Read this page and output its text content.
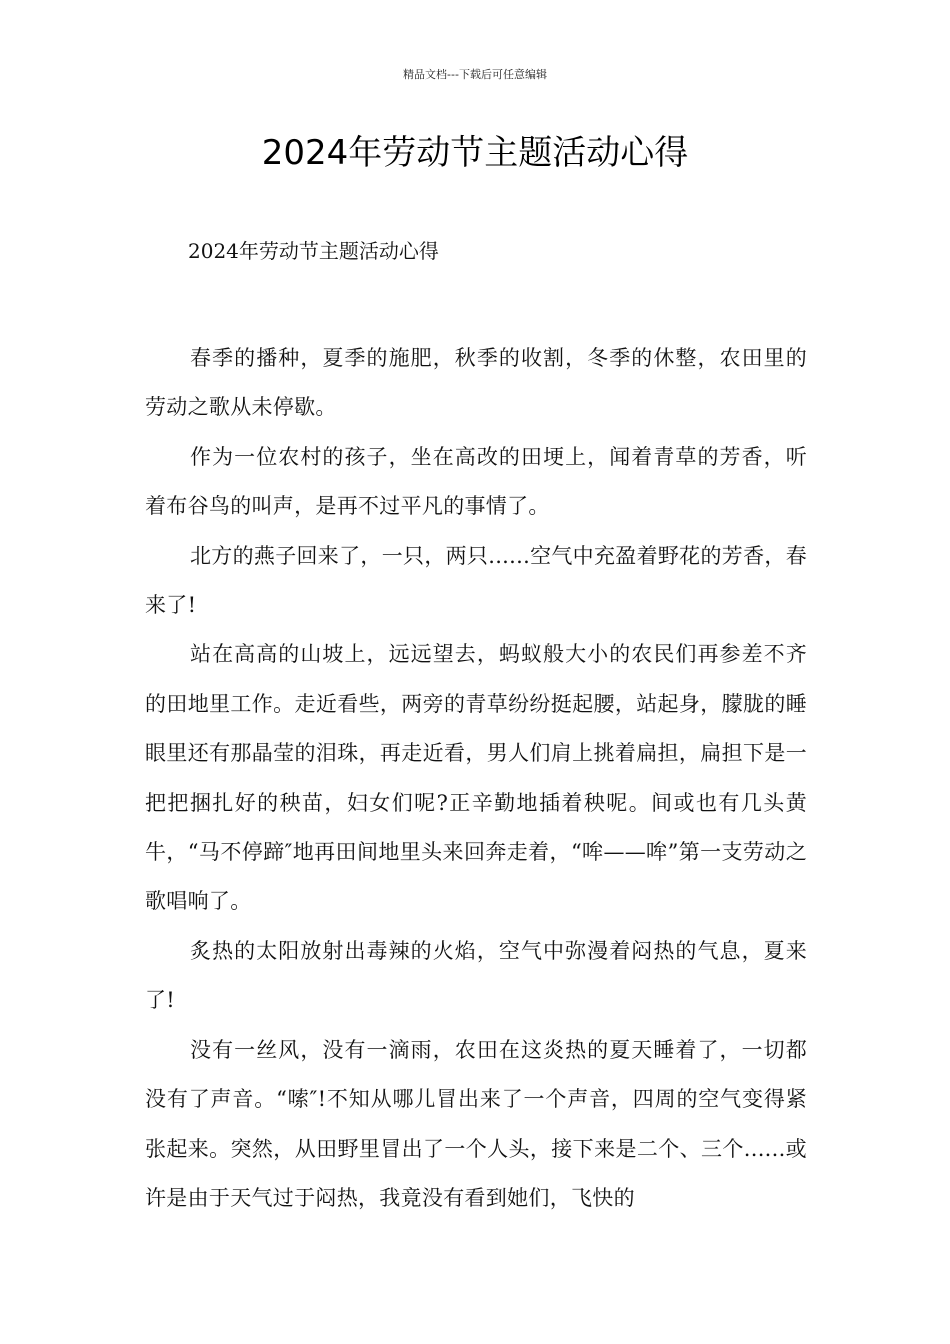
精品文档---下载后可任意编辑
2024年劳动节主题活动心得

2024年劳动节主题活动心得

春季的播种，夏季的施肥，秋季的收割，冬季的休整，农田里的劳动之歌从未停歇。

作为一位农村的孩子，坐在高改的田埂上，闻着青草的芳香，听着布谷鸟的叫声，是再不过平凡的事情了。

北方的燕子回来了，一只，两只......空气中充盈着野花的芳香，春来了!

站在高高的山坡上，远远望去，蚂蚁般大小的农民们再参差不齐的田地里工作。走近看些，两旁的青草纷纷挺起腰，站起身，朦胧的睡眼里还有那晶莹的泪珠，再走近看，男人们肩上挑着扁担，扁担下是一把把捆扎好的秧苗，妇女们呢?正辛勤地插着秧呢。间或也有几头黄牛，“马不停蹄″地再田间地里头来回奔走着，“哞——哞”第一支劳动之歌唱响了。

炙热的太阳放射出毒辣的火焰，空气中弥漫着闷热的气息，夏来了!

没有一丝风，没有一滴雨，农田在这炎热的夏天睡着了，一切都没有了声音。“嗦″!不知从哪儿冒出来了一个声音，四周的空气变得紧张起来。突然，从田野里冒出了一个人头，接下来是二个、三个......或许是由于天气过于闷热，我竟没有看到她们，飞快的
